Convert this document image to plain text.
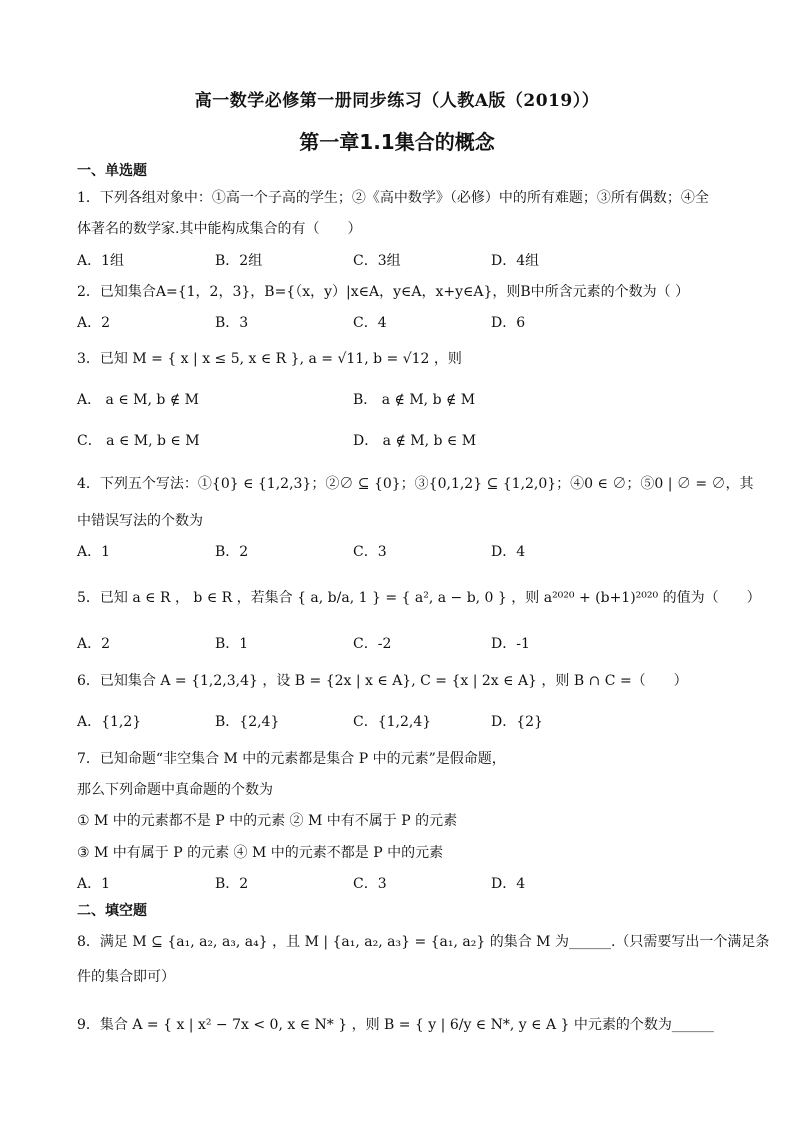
高一数学必修第一册同步练习（人教A版（2019））
第一章1.1集合的概念
一、单选题
1．下列各组对象中：①高一个子高的学生；②《高中数学》（必修）中的所有难题；③所有偶数；④全
体著名的数学家.其中能构成集合的有（　　）
A．1组	B．2组	C．3组	D．4组
2．已知集合A={1，2，3}，B={（x，y）|x∈A，y∈A，x+y∈A}，则B中所含元素的个数为（ ）
A．2	B．3	C．4	D．6
3．已知 M = { x | x ≤ 5, x ∈ R }, a = √11, b = √12 ，则
A． a ∈ M, b ∉ M	B． a ∉ M, b ∉ M
C． a ∈ M, b ∈ M	D． a ∉ M, b ∈ M
4．下列五个写法：①{0} ∈ {1,2,3}；②∅ ⊆ {0}；③{0,1,2} ⊆ {1,2,0}；④0 ∈ ∅；⑤0 | ∅ = ∅，其
中错误写法的个数为
A．1	B．2	C．3	D．4
5．已知 a ∈ R ， b ∈ R ，若集合 { a, b/a, 1 } = { a², a − b, 0 } ，则 a²⁰²⁰ + (b+1)²⁰²⁰ 的值为（　　）
A．2	B．1	C．-2	D．-1
6．已知集合 A = {1,2,3,4} ，设 B = {2x | x ∈ A}, C = {x | 2x ∈ A} ，则 B ∩ C =（　　）
A．{1,2}	B．{2,4}	C．{1,2,4}	D．{2}
7．已知命题“非空集合 M 中的元素都是集合 P 中的元素”是假命题，
那么下列命题中真命题的个数为
① M 中的元素都不是 P 中的元素 ② M 中有不属于 P 的元素
③ M 中有属于 P 的元素 ④ M 中的元素不都是 P 中的元素
A．1	B．2	C．3	D．4
二、填空题
8．满足 M ⊆ {a₁, a₂, a₃, a₄} ，且 M | {a₁, a₂, a₃} = {a₁, a₂} 的集合 M 为______.（只需要写出一个满足条
件的集合即可）
9．集合 A = { x | x² − 7x < 0, x ∈ N* } ，则 B = { y | 6/y ∈ N*, y ∈ A } 中元素的个数为______
